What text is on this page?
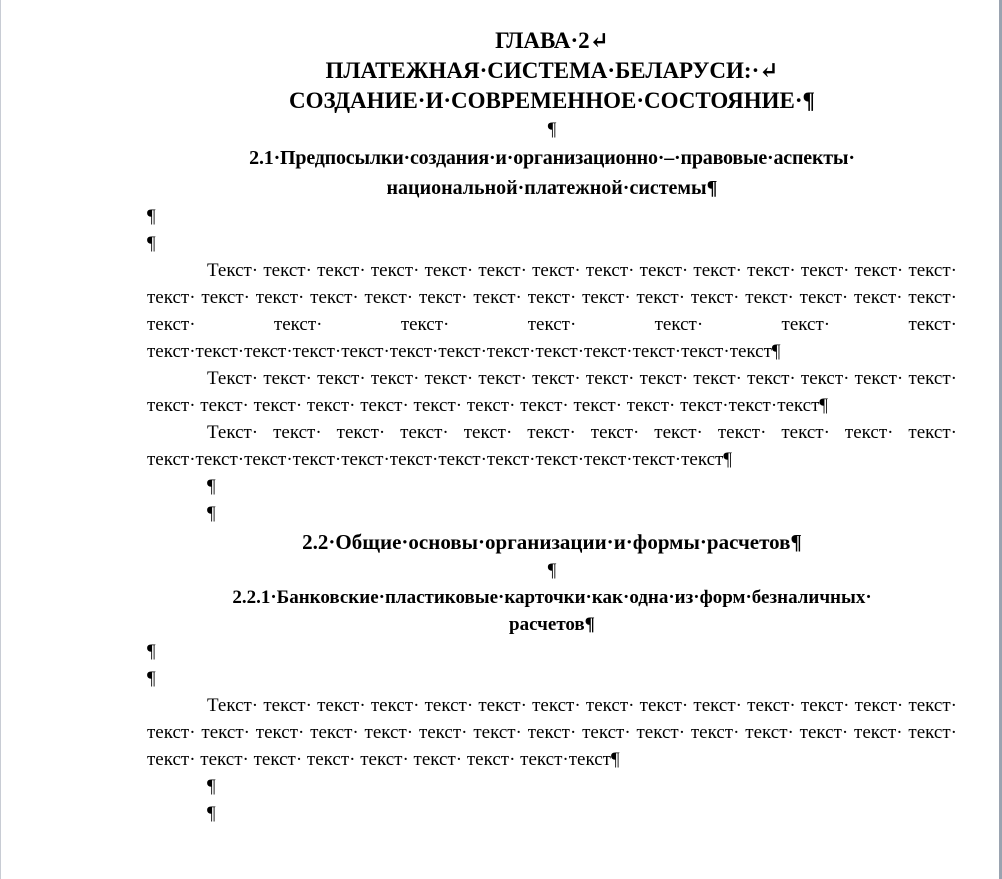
ГЛАВА·2↵

ПЛАТЕЖНАЯ·СИСТЕМА·БЕЛАРУСИ:·↵

СОЗДАНИЕ·И·СОВРЕМЕННОЕ·СОСТОЯНИЕ·¶

¶

2.1·Предпосылки·создания·и·организационно·–·правовые·аспекты·

национальной·платежной·системы¶

¶

¶

Текст· текст· текст· текст· текст· текст· текст· текст· текст· текст· текст· текст· текст· текст· текст· текст· текст· текст· текст· текст· текст· текст· текст· текст· текст· текст· текст· текст· текст· текст· текст· текст· текст· текст· текст· текст· текст·текст·текст·текст·текст·текст·текст·текст·текст·текст·текст·текст·текст¶

Текст· текст· текст· текст· текст· текст· текст· текст· текст· текст· текст· текст· текст· текст· текст· текст· текст· текст· текст· текст· текст· текст· текст· текст· текст·текст·текст¶

Текст· текст· текст· текст· текст· текст· текст· текст· текст· текст· текст· текст· текст·текст·текст·текст·текст·текст·текст·текст·текст·текст·текст·текст¶

¶

¶

2.2·Общие·основы·организации·и·формы·расчетов¶

¶

2.2.1·Банковские·пластиковые·карточки·как·одна·из·форм·безналичных·

расчетов¶

¶

¶

Текст· текст· текст· текст· текст· текст· текст· текст· текст· текст· текст· текст· текст· текст· текст· текст· текст· текст· текст· текст· текст· текст· текст· текст· текст· текст· текст· текст· текст· текст· текст· текст· текст· текст· текст· текст· текст·текст¶

¶

¶
